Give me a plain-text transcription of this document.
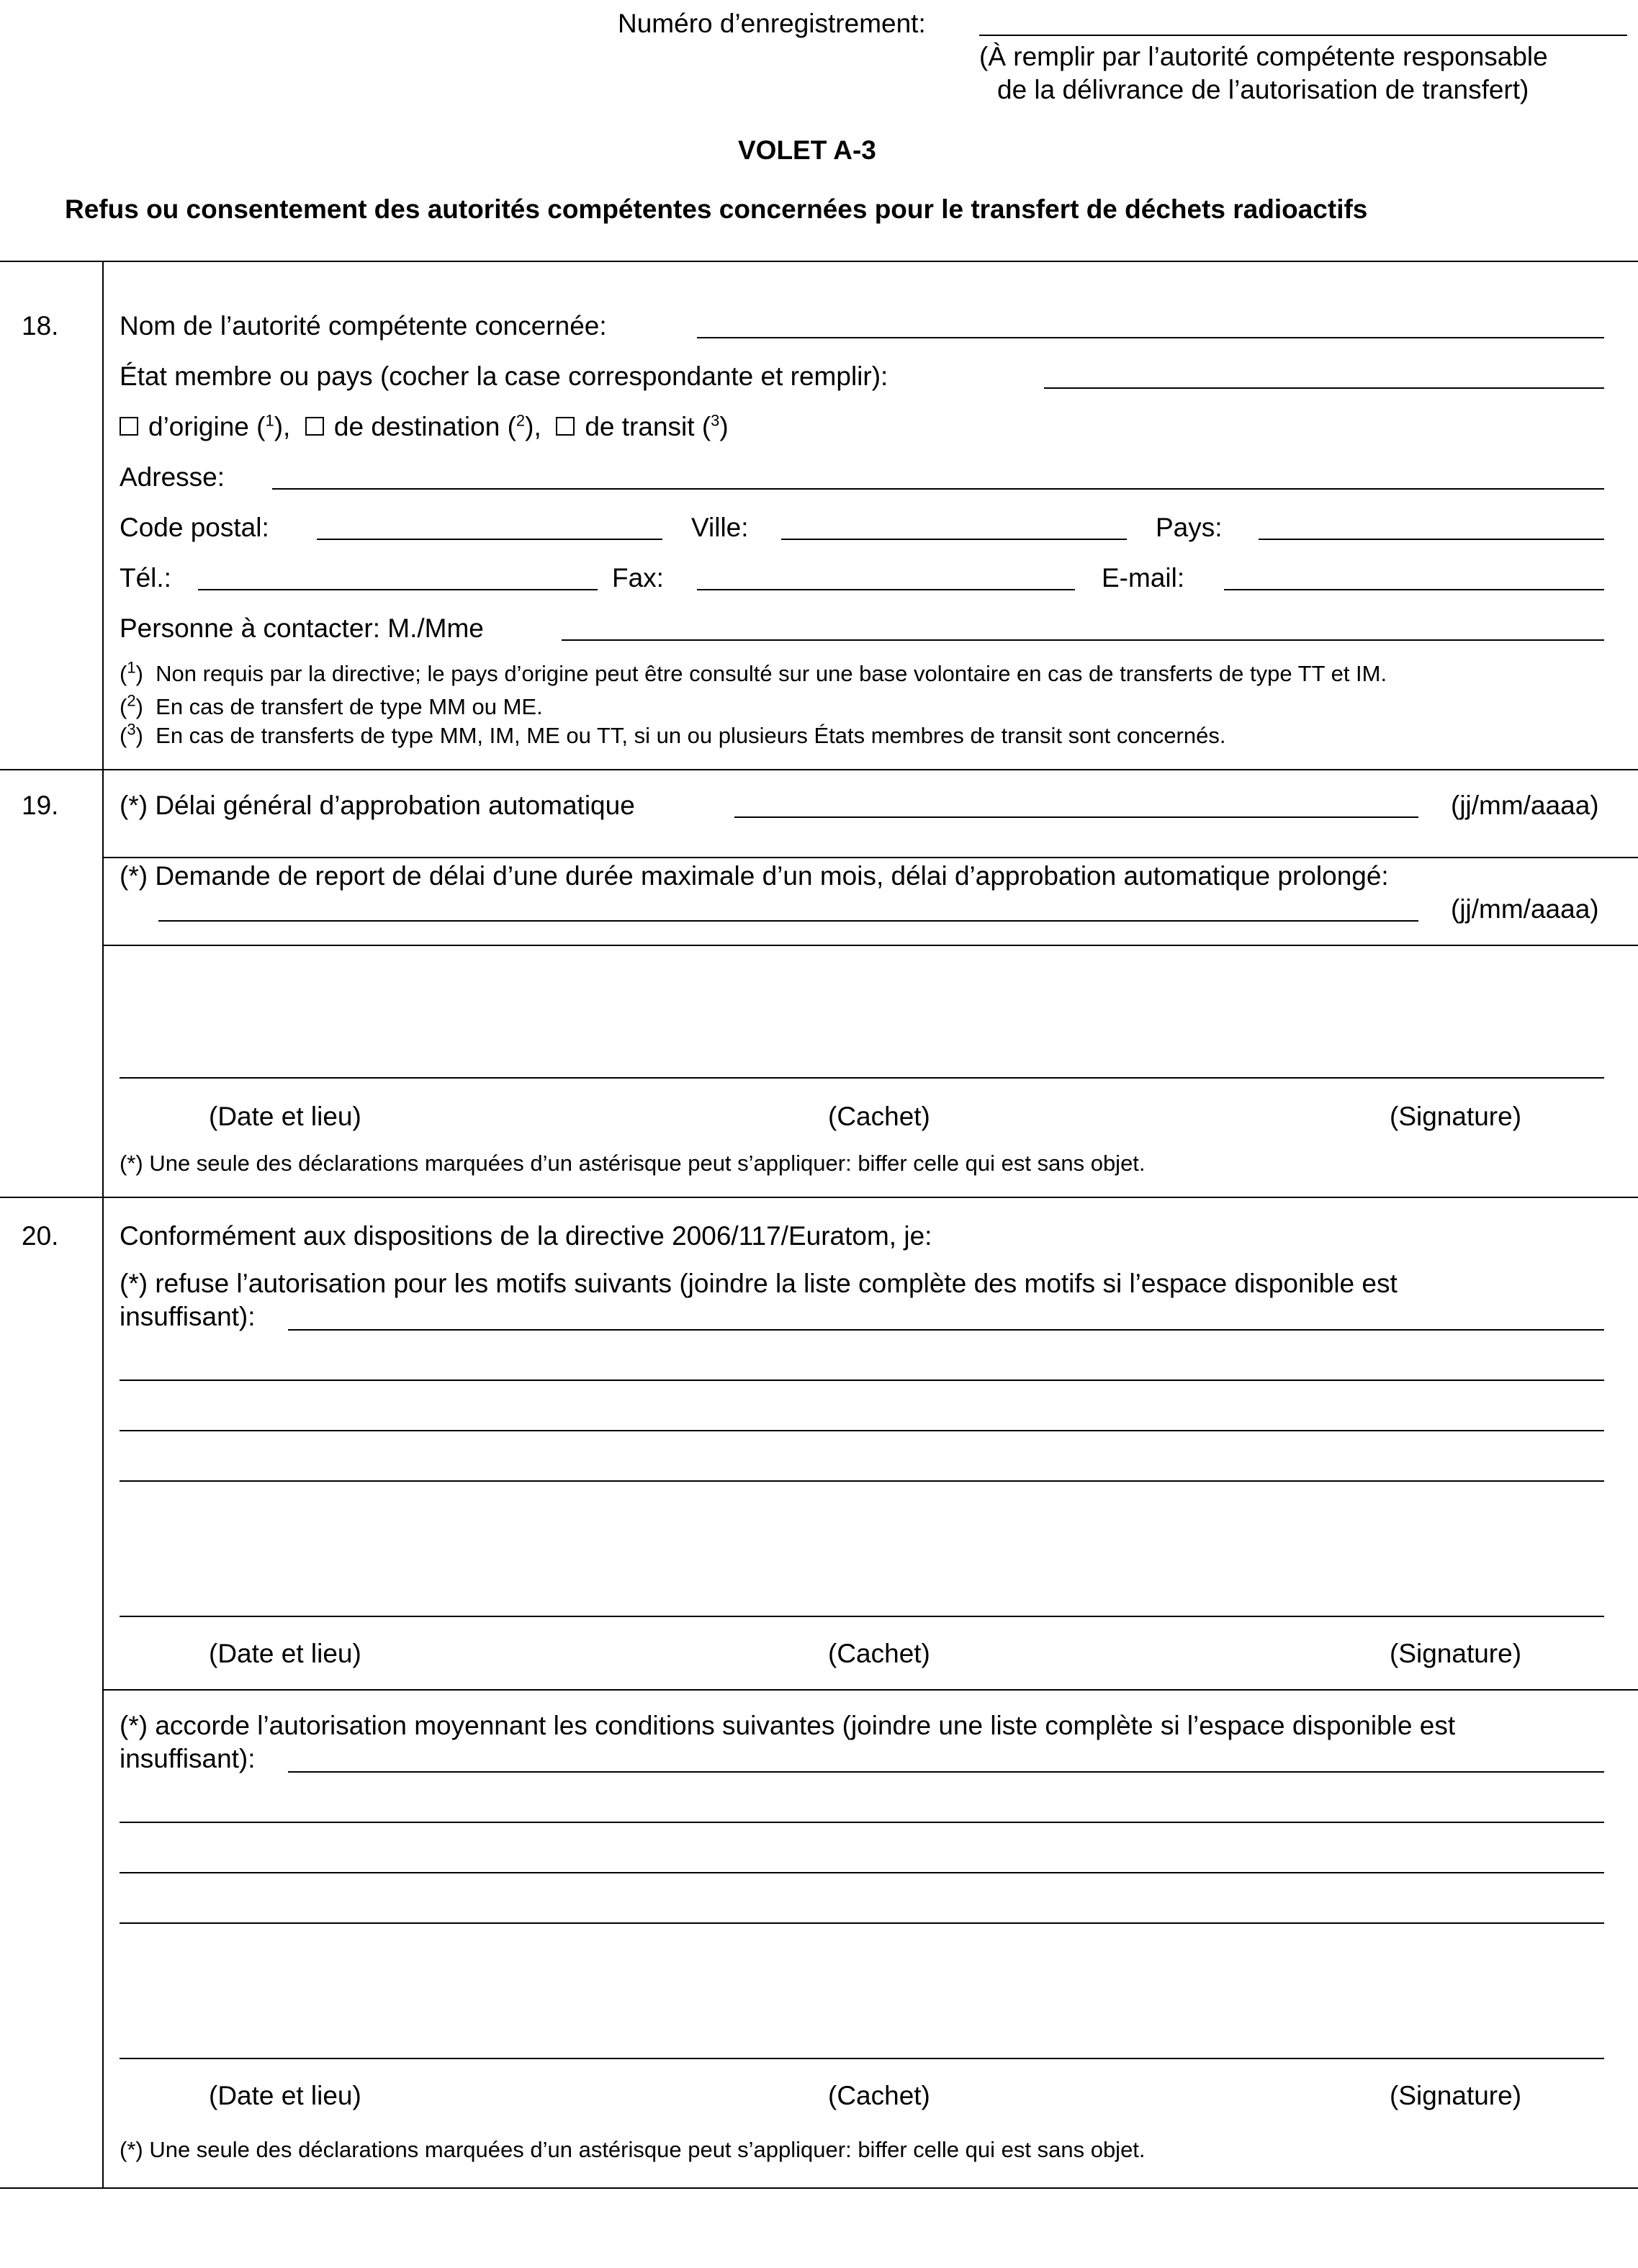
Numéro d’enregistrement:
(À remplir par l’autorité compétente responsable
de la délivrance de l’autorisation de transfert)
VOLET A-3
Refus ou consentement des autorités compétentes concernées pour le transfert de déchets radioactifs
18. Nom de l’autorité compétente concernée:
État membre ou pays (cocher la case correspondante et remplir):
d’origine ($^1$), de destination ($^2$), de transit ($^3$)
Adresse:
Code postal:	Ville:	Pays:
Tél.:	Fax:	E-mail:
Personne à contacter: M./Mme
($^1$)  Non requis par la directive; le pays d’origine peut être consulté sur une base volontaire en cas de transferts de type TT et IM.
($^2$)  En cas de transfert de type MM ou ME.
($^3$)  En cas de transferts de type MM, IM, ME ou TT, si un ou plusieurs États membres de transit sont concernés.
19. (*) Délai général d’approbation automatique	(jj/mm/aaaa)
(*) Demande de report de délai d’une durée maximale d’un mois, délai d’approbation automatique prolongé:
(jj/mm/aaaa)
(Date et lieu)	(Cachet)	(Signature)
(*) Une seule des déclarations marquées d’un astérisque peut s’appliquer: biffer celle qui est sans objet.
20. Conformément aux dispositions de la directive 2006/117/Euratom, je:
(*) refuse l’autorisation pour les motifs suivants (joindre la liste complète des motifs si l’espace disponible est
insuffisant):
(Date et lieu)	(Cachet)	(Signature)
(*) accorde l’autorisation moyennant les conditions suivantes (joindre une liste complète si l’espace disponible est
insuffisant):
(Date et lieu)	(Cachet)	(Signature)
(*) Une seule des déclarations marquées d’un astérisque peut s’appliquer: biffer celle qui est sans objet.
